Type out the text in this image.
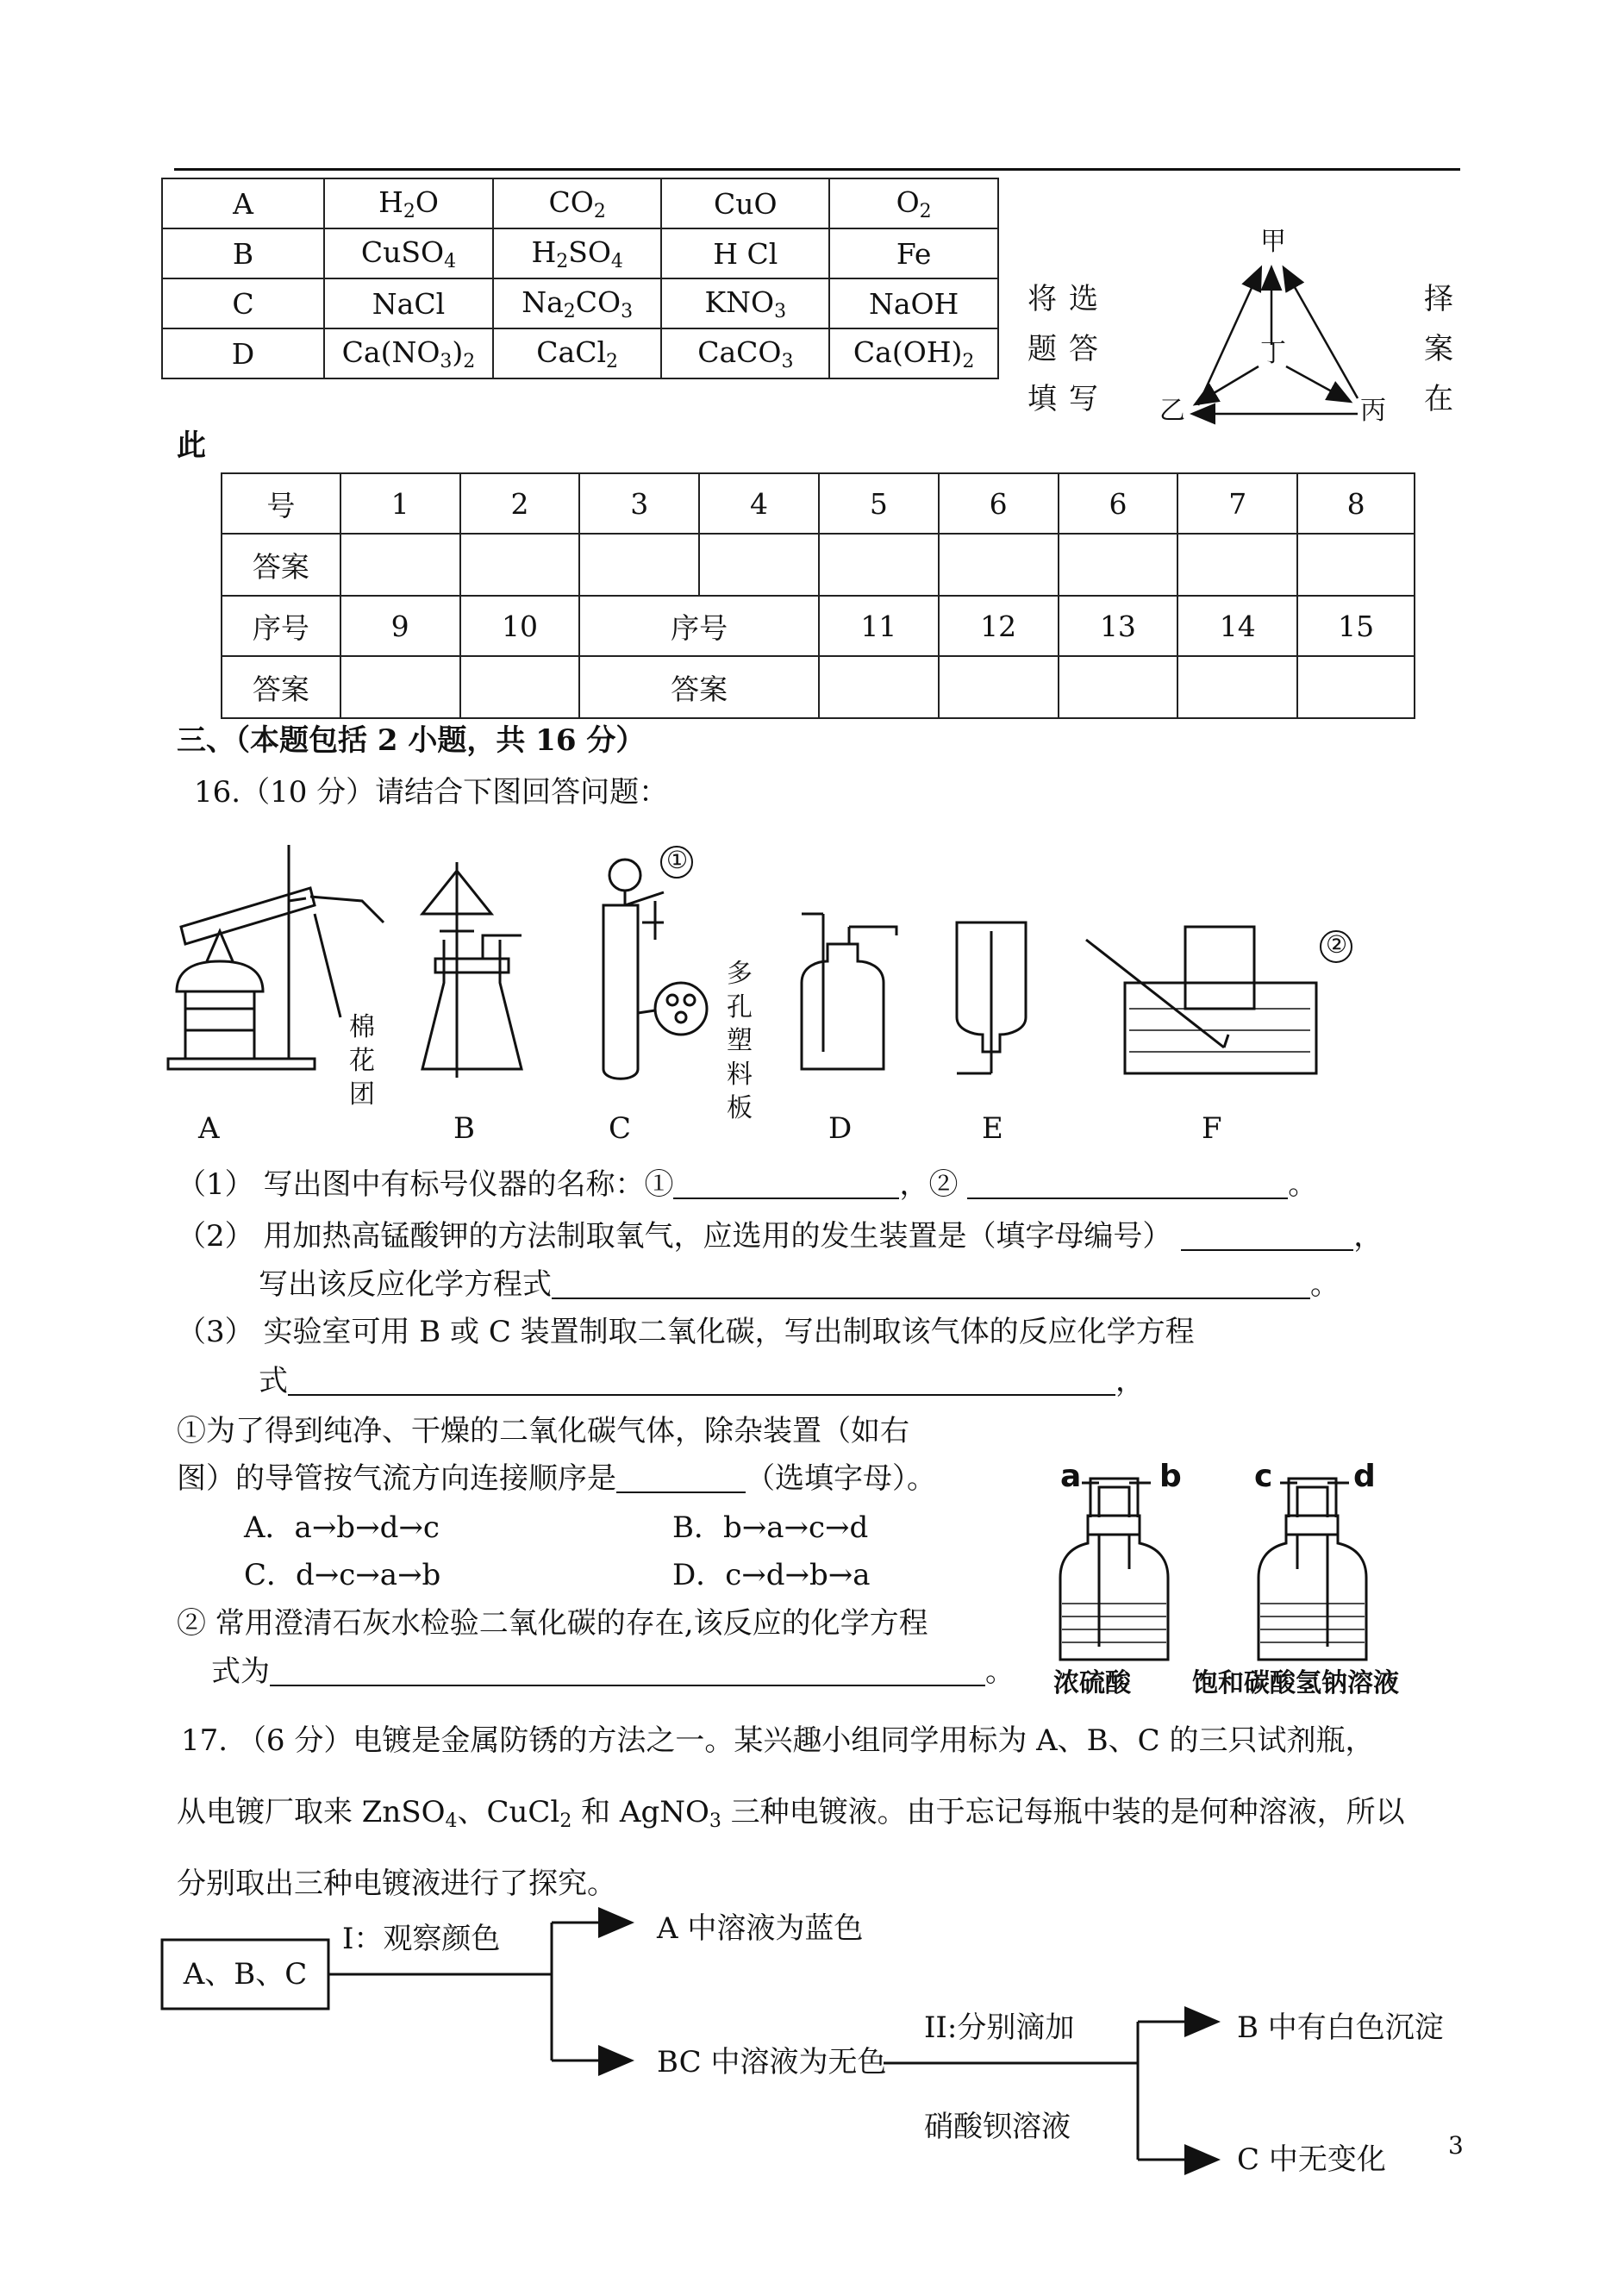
A	$H_2O$	$CO_2$	CuO	$O_2$
B	CuSO$_4$	$H_2SO_4$	H Cl	Fe
C	NaCl	$Na_2CO_3$	$KNO_3$	NaOH
D	$Ca(NO_3)_2$	CaCl$_2$	CaCO$_3$	$Ca(OH)_2$
将
题
填
选
答
写
择
案
在
此
甲
丁
乙	丙
号	1	2	3	4	5	6	6	7	8
答案									
序号	9	10	序号		11	12	13	14	15
答案			答案						
三、（本题包括 2 小题，共 16 分）
16.（10 分）请结合下图回答问题：
①
②
棉
花
团
多
孔
塑
料
板
A	B	C	D	E	F
（1） 写出图中有标号仪器的名称：①	，②	。
（2） 用加热高锰酸钾的方法制取氧气，应选用的发生装置是（填字母编号）	，
写出该反应化学方程式	。
（3） 实验室可用 B 或 C 装置制取二氧化碳，写出制取该气体的反应化学方程
式	，
①为了得到纯净、干燥的二氧化碳气体，除杂装置（如右
图）的导管按气流方向连接顺序是	（选填字母）。
A．a→b→d→c	B．b→a→c→d
C．d→c→a→b	D．c→d→b→a
② 常用澄清石灰水检验二氧化碳的存在,该反应的化学方程
式为	。
a	b c	d
浓硫酸 饱和碳酸氢钠溶液
17. （6 分）电镀是金属防锈的方法之一。某兴趣小组同学用标为 A、B、C 的三只试剂瓶，
从电镀厂取来 ZnSO$_4$、CuCl$_2$ 和 AgNO$_3$ 三种电镀液。由于忘记每瓶中装的是何种溶液，所以
分别取出三种电镀液进行了探究。
A、B、C
I：观察颜色	A 中溶液为蓝色
BC 中溶液为无色
II:分别滴加
硝酸钡溶液
B 中有白色沉淀
C 中无变化	3
